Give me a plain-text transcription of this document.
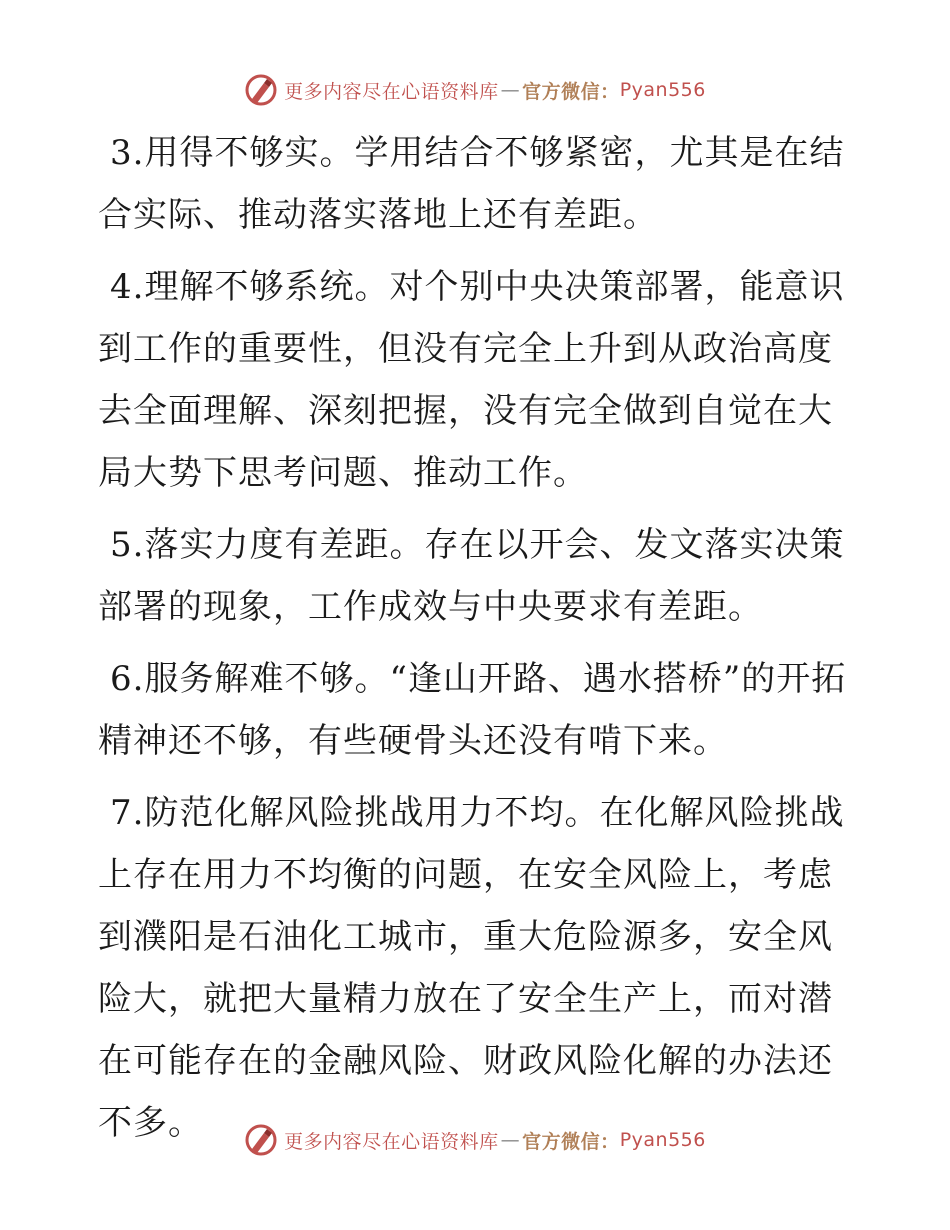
更多内容尽在心语资料库 — 官方微信： Pyan556

3.用得不够实。学用结合不够紧密，尤其是在结合实际、推动落实落地上还有差距。

4.理解不够系统。对个别中央决策部署，能意识到工作的重要性，但没有完全上升到从政治高度去全面理解、深刻把握，没有完全做到自觉在大局大势下思考问题、推动工作。

5.落实力度有差距。存在以开会、发文落实决策部署的现象，工作成效与中央要求有差距。

6.服务解难不够。“逢山开路、遇水搭桥”的开拓精神还不够，有些硬骨头还没有啃下来。

7.防范化解风险挑战用力不均。在化解风险挑战上存在用力不均衡的问题，在安全风险上，考虑到濮阳是石油化工城市，重大危险源多，安全风险大，就把大量精力放在了安全生产上，而对潜在可能存在的金融风险、财政风险化解的办法还不多。	更多内容尽在心语资料库 — 官方微信： Pyan556
